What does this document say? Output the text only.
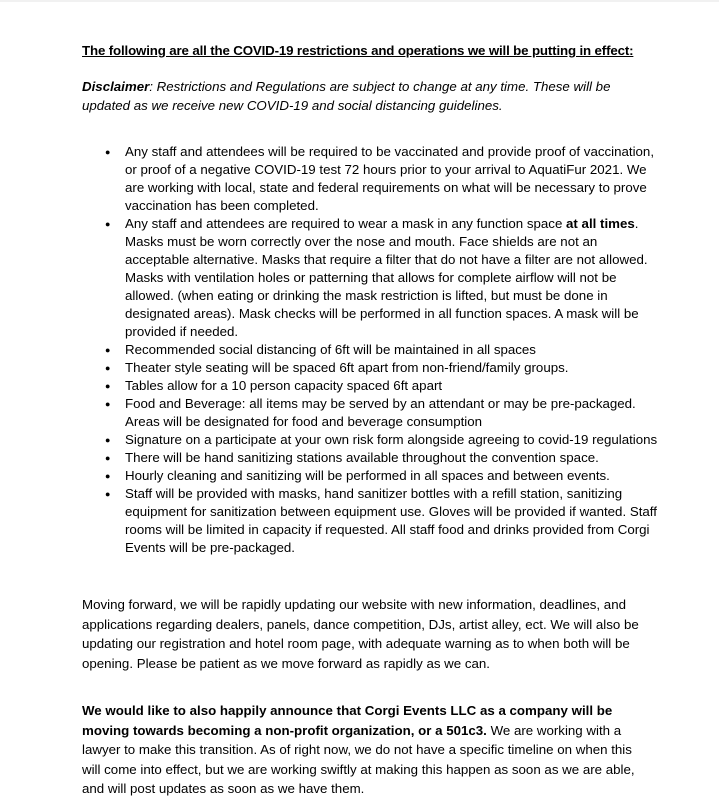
The following are all the COVID-19 restrictions and operations we will be putting in effect:
Disclaimer: Restrictions and Regulations are subject to change at any time. These will be updated as we receive new COVID-19 and social distancing guidelines.
● Any staff and attendees will be required to be vaccinated and provide proof of vaccination, or proof of a negative COVID-19 test 72 hours prior to your arrival to AquatiFur 2021. We are working with local, state and federal requirements on what will be necessary to prove vaccination has been completed.
● Any staff and attendees are required to wear a mask in any function space at all times. Masks must be worn correctly over the nose and mouth. Face shields are not an acceptable alternative. Masks that require a filter that do not have a filter are not allowed. Masks with ventilation holes or patterning that allows for complete airflow will not be allowed. (when eating or drinking the mask restriction is lifted, but must be done in designated areas). Mask checks will be performed in all function spaces. A mask will be provided if needed.
● Recommended social distancing of 6ft will be maintained in all spaces
● Theater style seating will be spaced 6ft apart from non-friend/family groups.
● Tables allow for a 10 person capacity spaced 6ft apart
● Food and Beverage: all items may be served by an attendant or may be pre-packaged. Areas will be designated for food and beverage consumption
● Signature on a participate at your own risk form alongside agreeing to covid-19 regulations
● There will be hand sanitizing stations available throughout the convention space.
● Hourly cleaning and sanitizing will be performed in all spaces and between events.
● Staff will be provided with masks, hand sanitizer bottles with a refill station, sanitizing equipment for sanitization between equipment use. Gloves will be provided if wanted. Staff rooms will be limited in capacity if requested. All staff food and drinks provided from Corgi Events will be pre-packaged.
Moving forward, we will be rapidly updating our website with new information, deadlines, and applications regarding dealers, panels, dance competition, DJs, artist alley, ect. We will also be updating our registration and hotel room page, with adequate warning as to when both will be opening. Please be patient as we move forward as rapidly as we can.
We would like to also happily announce that Corgi Events LLC as a company will be moving towards becoming a non-profit organization, or a 501c3. We are working with a lawyer to make this transition. As of right now, we do not have a specific timeline on when this will come into effect, but we are working swiftly at making this happen as soon as we are able, and will post updates as soon as we have them.
